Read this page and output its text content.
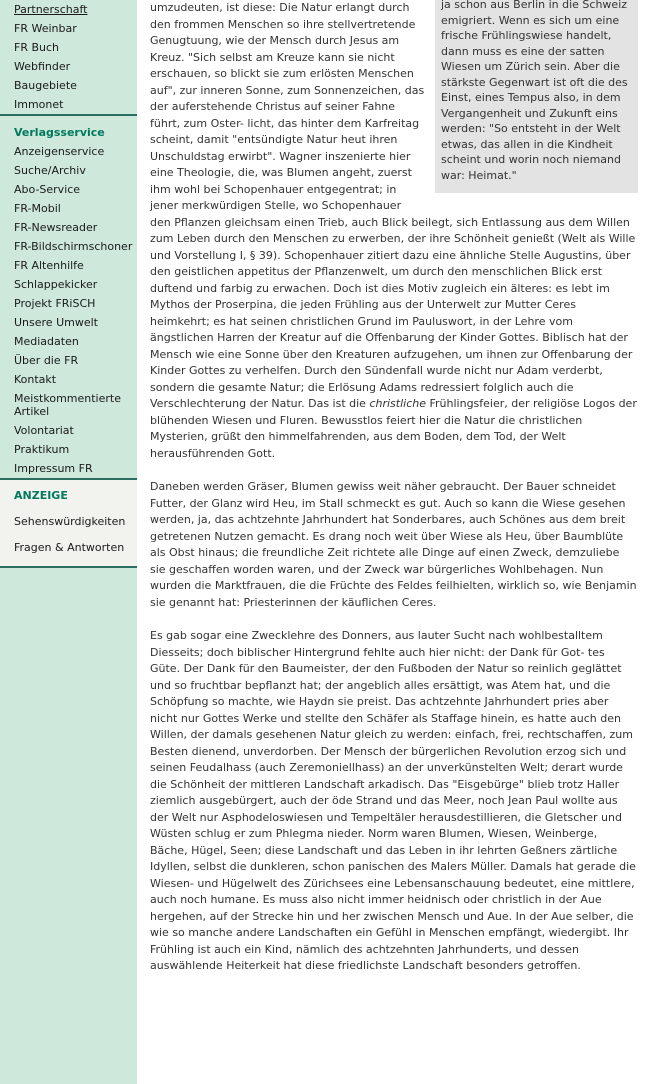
Partnerschaft
FR Weinbar
FR Buch
Webfinder
Baugebiete
Immonet
Verlagsservice
Anzeigenservice
Suche/Archiv
Abo-Service
FR-Mobil
FR-Newsreader
FR-Bildschirmschoner
FR Altenhilfe
Schlappekicker
Projekt FRiSCH
Unsere Umwelt
Mediadaten
Über die FR
Kontakt
Meistkommentierte Artikel
Volontariat
Praktikum
Impressum FR
ANZEIGE
Sehenswürdigkeiten
Fragen & Antworten
ja schon aus Berlin in die Schweiz emigriert. Wenn es sich um eine frische Frühlingswiese handelt, dann muss es eine der satten Wiesen um Zürich sein. Aber die stärkste Gegenwart ist oft die des Einst, eines Tempus also, in dem Vergangenheit und Zukunft eins werden: "So entsteht in der Welt etwas, das allen in die Kindheit scheint und worin noch niemand war: Heimat."

umzudeuten, ist diese: Die Natur erlangt durch den frommen Menschen so ihre stellvertretende Genugtuung, wie der Mensch durch Jesus am Kreuz. "Sich selbst am Kreuze kann sie nicht erschauen, so blickt sie zum erlösten Menschen auf", zur inneren Sonne, zum Sonnenzeichen, das der auferstehende Christus auf seiner Fahne führt, zum Oster- licht, das hinter dem Karfreitag scheint, damit "entsündigte Natur heut ihren Unschuldstag erwirbt". Wagner inszenierte hier eine Theologie, die, was Blumen angeht, zuerst ihm wohl bei Schopenhauer entgegentrat; in jener merkwürdigen Stelle, wo Schopenhauer den Pflanzen gleichsam einen Trieb, auch Blick beilegt, sich Entlassung aus dem Willen zum Leben durch den Menschen zu erwerben, der ihre Schönheit genießt (Welt als Wille und Vorstellung I, § 39). Schopenhauer zitiert dazu eine ähnliche Stelle Augustins, über den geistlichen appetitus der Pflanzenwelt, um durch den menschlichen Blick erst duftend und farbig zu erwachen. Doch ist dies Motiv zugleich ein älteres: es lebt im Mythos der Proserpina, die jeden Frühling aus der Unterwelt zur Mutter Ceres heimkehrt; es hat seinen christlichen Grund im Pauluswort, in der Lehre vom ängstlichen Harren der Kreatur auf die Offenbarung der Kinder Gottes. Biblisch hat der Mensch wie eine Sonne über den Kreaturen aufzugehen, um ihnen zur Offenbarung der Kinder Gottes zu verhelfen. Durch den Sündenfall wurde nicht nur Adam verderbt, sondern die gesamte Natur; die Erlösung Adams redressiert folglich auch die Verschlechterung der Natur. Das ist die christliche Frühlingsfeier, der religiöse Logos der blühenden Wiesen und Fluren. Bewusstlos feiert hier die Natur die christlichen Mysterien, grüßt den himmelfahrenden, aus dem Boden, dem Tod, der Welt herausführenden Gott.

Daneben werden Gräser, Blumen gewiss weit näher gebraucht. Der Bauer schneidet Futter, der Glanz wird Heu, im Stall schmeckt es gut. Auch so kann die Wiese gesehen werden, ja, das achtzehnte Jahrhundert hat Sonderbares, auch Schönes aus dem breit getretenen Nutzen gemacht. Es drang noch weit über Wiese als Heu, über Baumblüte als Obst hinaus; die freundliche Zeit richtete alle Dinge auf einen Zweck, demzuliebe sie geschaffen worden waren, und der Zweck war bürgerliches Wohlbehagen. Nun wurden die Marktfrauen, die die Früchte des Feldes feilhielten, wirklich so, wie Benjamin sie genannt hat: Priesterinnen der käuflichen Ceres.

Es gab sogar eine Zwecklehre des Donners, aus lauter Sucht nach wohlbestalltem Diesseits; doch biblischer Hintergrund fehlte auch hier nicht: der Dank für Got- tes Güte. Der Dank für den Baumeister, der den Fußboden der Natur so reinlich geglättet und so fruchtbar bepflanzt hat; der angeblich alles ersättigt, was Atem hat, und die Schöpfung so machte, wie Haydn sie preist. Das achtzehnte Jahrhundert pries aber nicht nur Gottes Werke und stellte den Schäfer als Staffage hinein, es hatte auch den Willen, der damals gesehenen Natur gleich zu werden: einfach, frei, rechtschaffen, zum Besten dienend, unverdorben. Der Mensch der bürgerlichen Revolution erzog sich und seinen Feudalhass (auch Zeremoniellhass) an der unverkünstelten Welt; derart wurde die Schönheit der mittleren Landschaft arkadisch. Das "Eisgebürge" blieb trotz Haller ziemlich ausgebürgert, auch der öde Strand und das Meer, noch Jean Paul wollte aus der Welt nur Asphodeloswiesen und Tempeltäler herausdestillieren, die Gletscher und Wüsten schlug er zum Phlegma nieder. Norm waren Blumen, Wiesen, Weinberge, Bäche, Hügel, Seen; diese Landschaft und das Leben in ihr lehrten Geßners zärtliche Idyllen, selbst die dunkleren, schon panischen des Malers Müller. Damals hat gerade die Wiesen- und Hügelwelt des Zürichsees eine Lebensanschauung bedeutet, eine mittlere, auch noch humane. Es muss also nicht immer heidnisch oder christlich in der Aue hergehen, auf der Strecke hin und her zwischen Mensch und Aue. In der Aue selber, die wie so manche andere Landschaften ein Gefühl in Menschen empfängt, wiedergibt. Ihr Frühling ist auch ein Kind, nämlich des achtzehnten Jahrhunderts, und dessen auswählende Heiterkeit hat diese friedlichste Landschaft besonders getroffen.
